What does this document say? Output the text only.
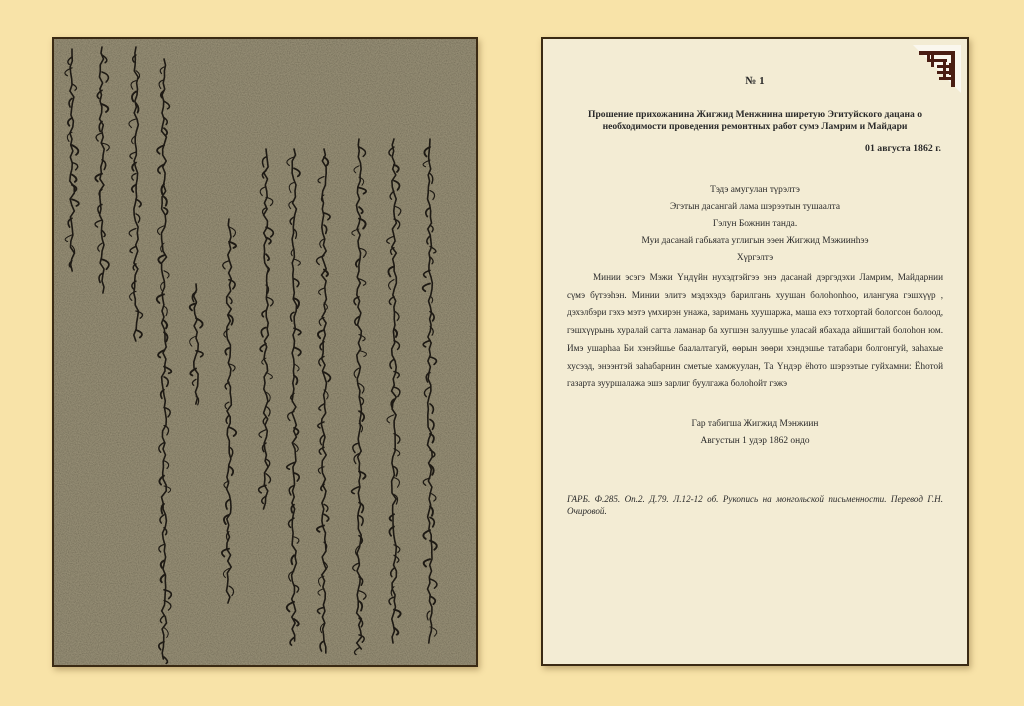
№ 1
Прошение прихожанина Жигжид Менжнина ширетую Эгитуйского дацана о
необходимости проведения ремонтных работ сумэ Ламрим и Майдари
01 августа 1862 г.
Тэдэ амугулан тγрэлтэ
Эгэтын дасангай лама шэрээтын тушаалта
Гэлун Божнин танда.
Муи дасанай габьяата углигын ээен Жигжид Мэжиинhээ
Хγргэлтэ
Минии эсэгэ Мэжи Үндүйн нухэдтэйгээ энэ дасанай дэргэдэхи Ламрим, Майдарнии сγмэ бγтээhэн. Минии элитэ мэдэхэдэ барилгань хуушан болоhonhoo, илангуяа гэшхγγр , дэхэлбэри гэхэ мэтэ γмхирэн унажа, заримань хуушаржа, маша ехэ тотхортай бологсон болоод, гэшхγγрынь хуралай сагта ламанар ба хугшэн залуушье уласай ябахада айшигтай болоhон юм. Имэ ушарhаа Би хэнэйшье баалалтагуй, өөрын зөөри хэндэшье татабари болгонгуй, заhахые хусээд, энээнтэй заhабарнин сметые хамжуулан, Та Үндэр ёhото шэрээтые гуйхамни: Ёhотой газарта зууршалажа эшэ зарлиг буулгажа болоhойт гэжэ
Гар табигша Жигжид Мэнжиин
Августын 1 удэр 1862 ондо
ГАРБ. Ф.285. Оп.2. Д.79. Л.12-12 об. Рукопись на монгольской письменности. Перевод Г.Н. Очировой.
